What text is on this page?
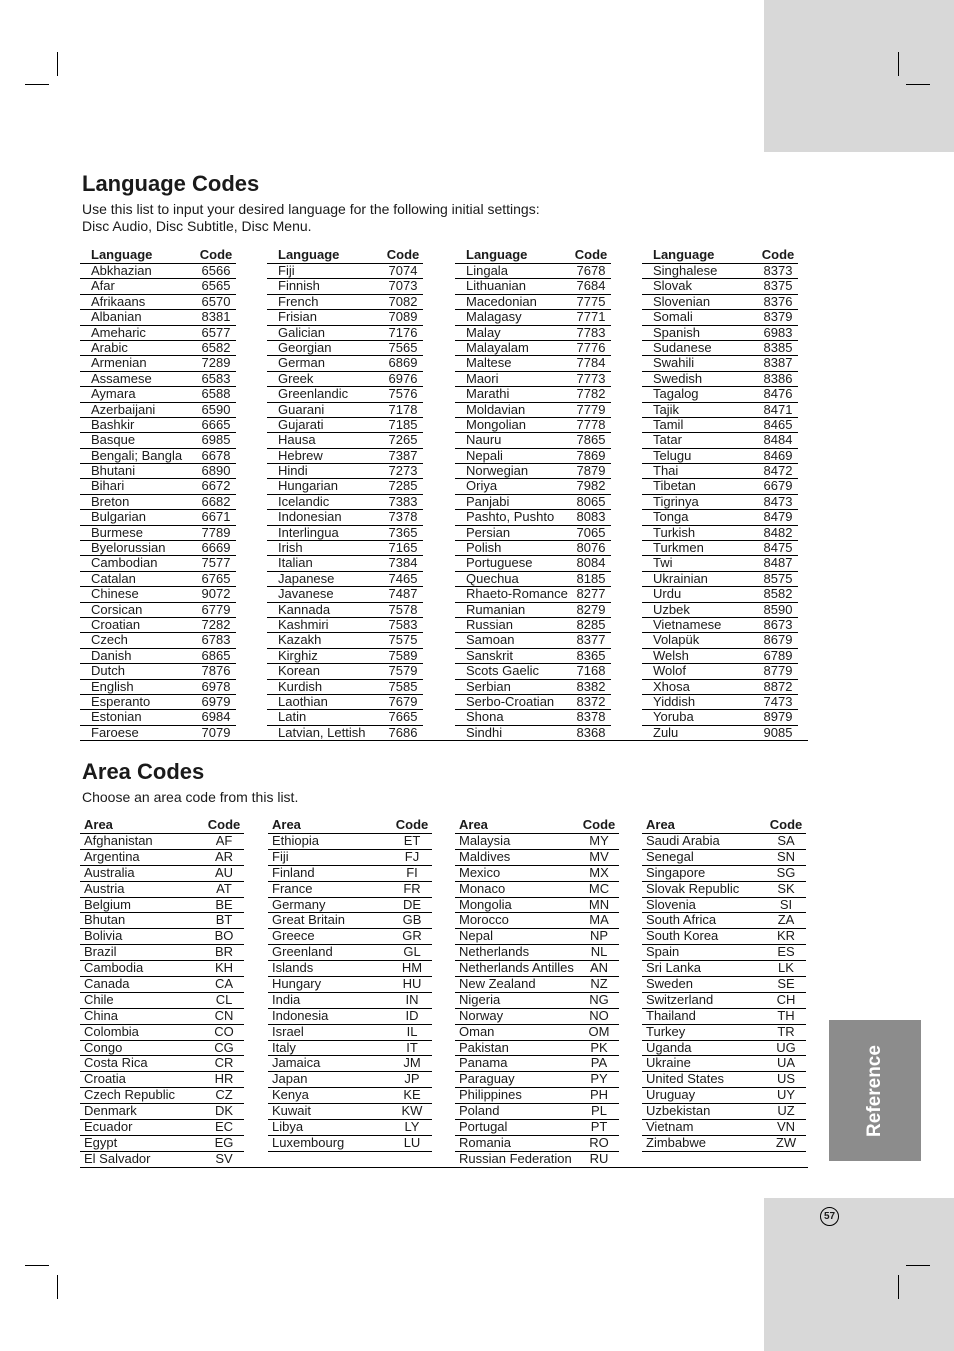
Reference
57
Language Codes

Use this list to input your desired language for the following initial settings:

Disc Audio, Disc Subtitle, Disc Menu.

Language	Code
Abkhazian	6566
Afar	6565
Afrikaans	6570
Albanian	8381
Ameharic	6577
Arabic	6582
Armenian	7289
Assamese	6583
Aymara	6588
Azerbaijani	6590
Bashkir	6665
Basque	6985
Bengali; Bangla	6678
Bhutani	6890
Bihari	6672
Breton	6682
Bulgarian	6671
Burmese	7789
Byelorussian	6669
Cambodian	7577
Catalan	6765
Chinese	9072
Corsican	6779
Croatian	7282
Czech	6783
Danish	6865
Dutch	7876
English	6978
Esperanto	6979
Estonian	6984
Faroese	7079
Language	Code
Fiji	7074
Finnish	7073
French	7082
Frisian	7089
Galician	7176
Georgian	7565
German	6869
Greek	6976
Greenlandic	7576
Guarani	7178
Gujarati	7185
Hausa	7265
Hebrew	7387
Hindi	7273
Hungarian	7285
Icelandic	7383
Indonesian	7378
Interlingua	7365
Irish	7165
Italian	7384
Japanese	7465
Javanese	7487
Kannada	7578
Kashmiri	7583
Kazakh	7575
Kirghiz	7589
Korean	7579
Kurdish	7585
Laothian	7679
Latin	7665
Latvian, Lettish	7686
Language	Code
Lingala	7678
Lithuanian	7684
Macedonian	7775
Malagasy	7771
Malay	7783
Malayalam	7776
Maltese	7784
Maori	7773
Marathi	7782
Moldavian	7779
Mongolian	7778
Nauru	7865
Nepali	7869
Norwegian	7879
Oriya	7982
Panjabi	8065
Pashto, Pushto	8083
Persian	7065
Polish	8076
Portuguese	8084
Quechua	8185
Rhaeto-Romance 8277
Rumanian	8279
Russian	8285
Samoan	8377
Sanskrit	8365
Scots Gaelic	7168
Serbian	8382
Serbo-Croatian	8372
Shona	8378
Sindhi	8368
Language	Code
Singhalese	8373
Slovak	8375
Slovenian	8376
Somali	8379
Spanish	6983
Sudanese	8385
Swahili	8387
Swedish	8386
Tagalog	8476
Tajik	8471
Tamil	8465
Tatar	8484
Telugu	8469
Thai	8472
Tibetan	6679
Tigrinya	8473
Tonga	8479
Turkish	8482
Turkmen	8475
Twi	8487
Ukrainian	8575
Urdu	8582
Uzbek	8590
Vietnamese	8673
Volapük	8679
Welsh	6789
Wolof	8779
Xhosa	8872
Yiddish	7473
Yoruba	8979
Zulu	9085
Area Codes

Choose an area code from this list.

Area	Code
Afghanistan	AF
Argentina	AR
Australia	AU
Austria	AT
Belgium	BE
Bhutan	BT
Bolivia	BO
Brazil	BR
Cambodia	KH
Canada	CA
Chile	CL
China	CN
Colombia	CO
Congo	CG
Costa Rica	CR
Croatia	HR
Czech Republic	CZ
Denmark	DK
Ecuador	EC
Egypt	EG
El Salvador	SV
Area	Code
Ethiopia	ET
Fiji	FJ
Finland	FI
France	FR
Germany	DE
Great Britain	GB
Greece	GR
Greenland	GL
Islands	HM
Hungary	HU
India	IN
Indonesia	ID
Israel	IL
Italy	IT
Jamaica	JM
Japan	JP
Kenya	KE
Kuwait	KW
Libya	LY
Luxembourg	LU
Area	Code
Malaysia	MY
Maldives	MV
Mexico	MX
Monaco	MC
Mongolia	MN
Morocco	MA
Nepal	NP
Netherlands	NL
Netherlands Antilles	AN
New Zealand	NZ
Nigeria	NG
Norway	NO
Oman	OM
Pakistan	PK
Panama	PA
Paraguay	PY
Philippines	PH
Poland	PL
Portugal	PT
Romania	RO
Russian Federation	RU
Area	Code
Saudi Arabia	SA
Senegal	SN
Singapore	SG
Slovak Republic	SK
Slovenia	SI
South Africa	ZA
South Korea	KR
Spain	ES
Sri Lanka	LK
Sweden	SE
Switzerland	CH
Thailand	TH
Turkey	TR
Uganda	UG
Ukraine	UA
United States	US
Uruguay	UY
Uzbekistan	UZ
Vietnam	VN
Zimbabwe	ZW
